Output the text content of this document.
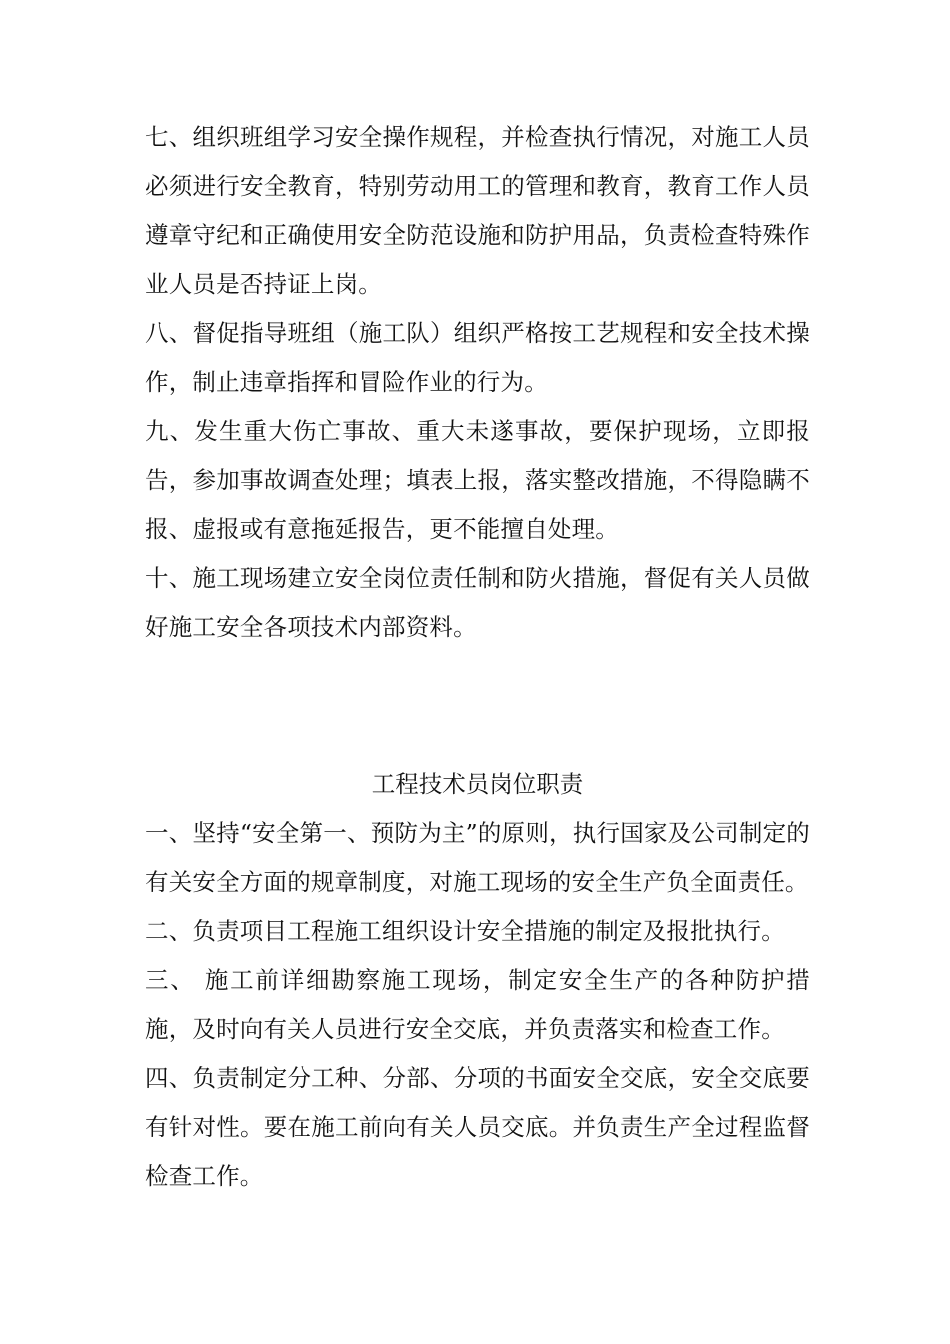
七、组织班组学习安全操作规程，并检查执行情况，对施工人员必须进行安全教育，特别劳动用工的管理和教育，教育工作人员遵章守纪和正确使用安全防范设施和防护用品，负责检查特殊作业人员是否持证上岗。

八、督促指导班组（施工队）组织严格按工艺规程和安全技术操作，制止违章指挥和冒险作业的行为。

九、发生重大伤亡事故、重大未遂事故，要保护现场，立即报告，参加事故调查处理；填表上报，落实整改措施，不得隐瞒不报、虚报或有意拖延报告，更不能擅自处理。

十、施工现场建立安全岗位责任制和防火措施，督促有关人员做好施工安全各项技术内部资料。

工程技术员岗位职责

一、坚持“安全第一、预防为主”的原则，执行国家及公司制定的有关安全方面的规章制度，对施工现场的安全生产负全面责任。

二、负责项目工程施工组织设计安全措施的制定及报批执行。

三、 施工前详细勘察施工现场，制定安全生产的各种防护措施，及时向有关人员进行安全交底，并负责落实和检查工作。

四、负责制定分工种、分部、分项的书面安全交底，安全交底要有针对性。要在施工前向有关人员交底。并负责生产全过程监督检查工作。
